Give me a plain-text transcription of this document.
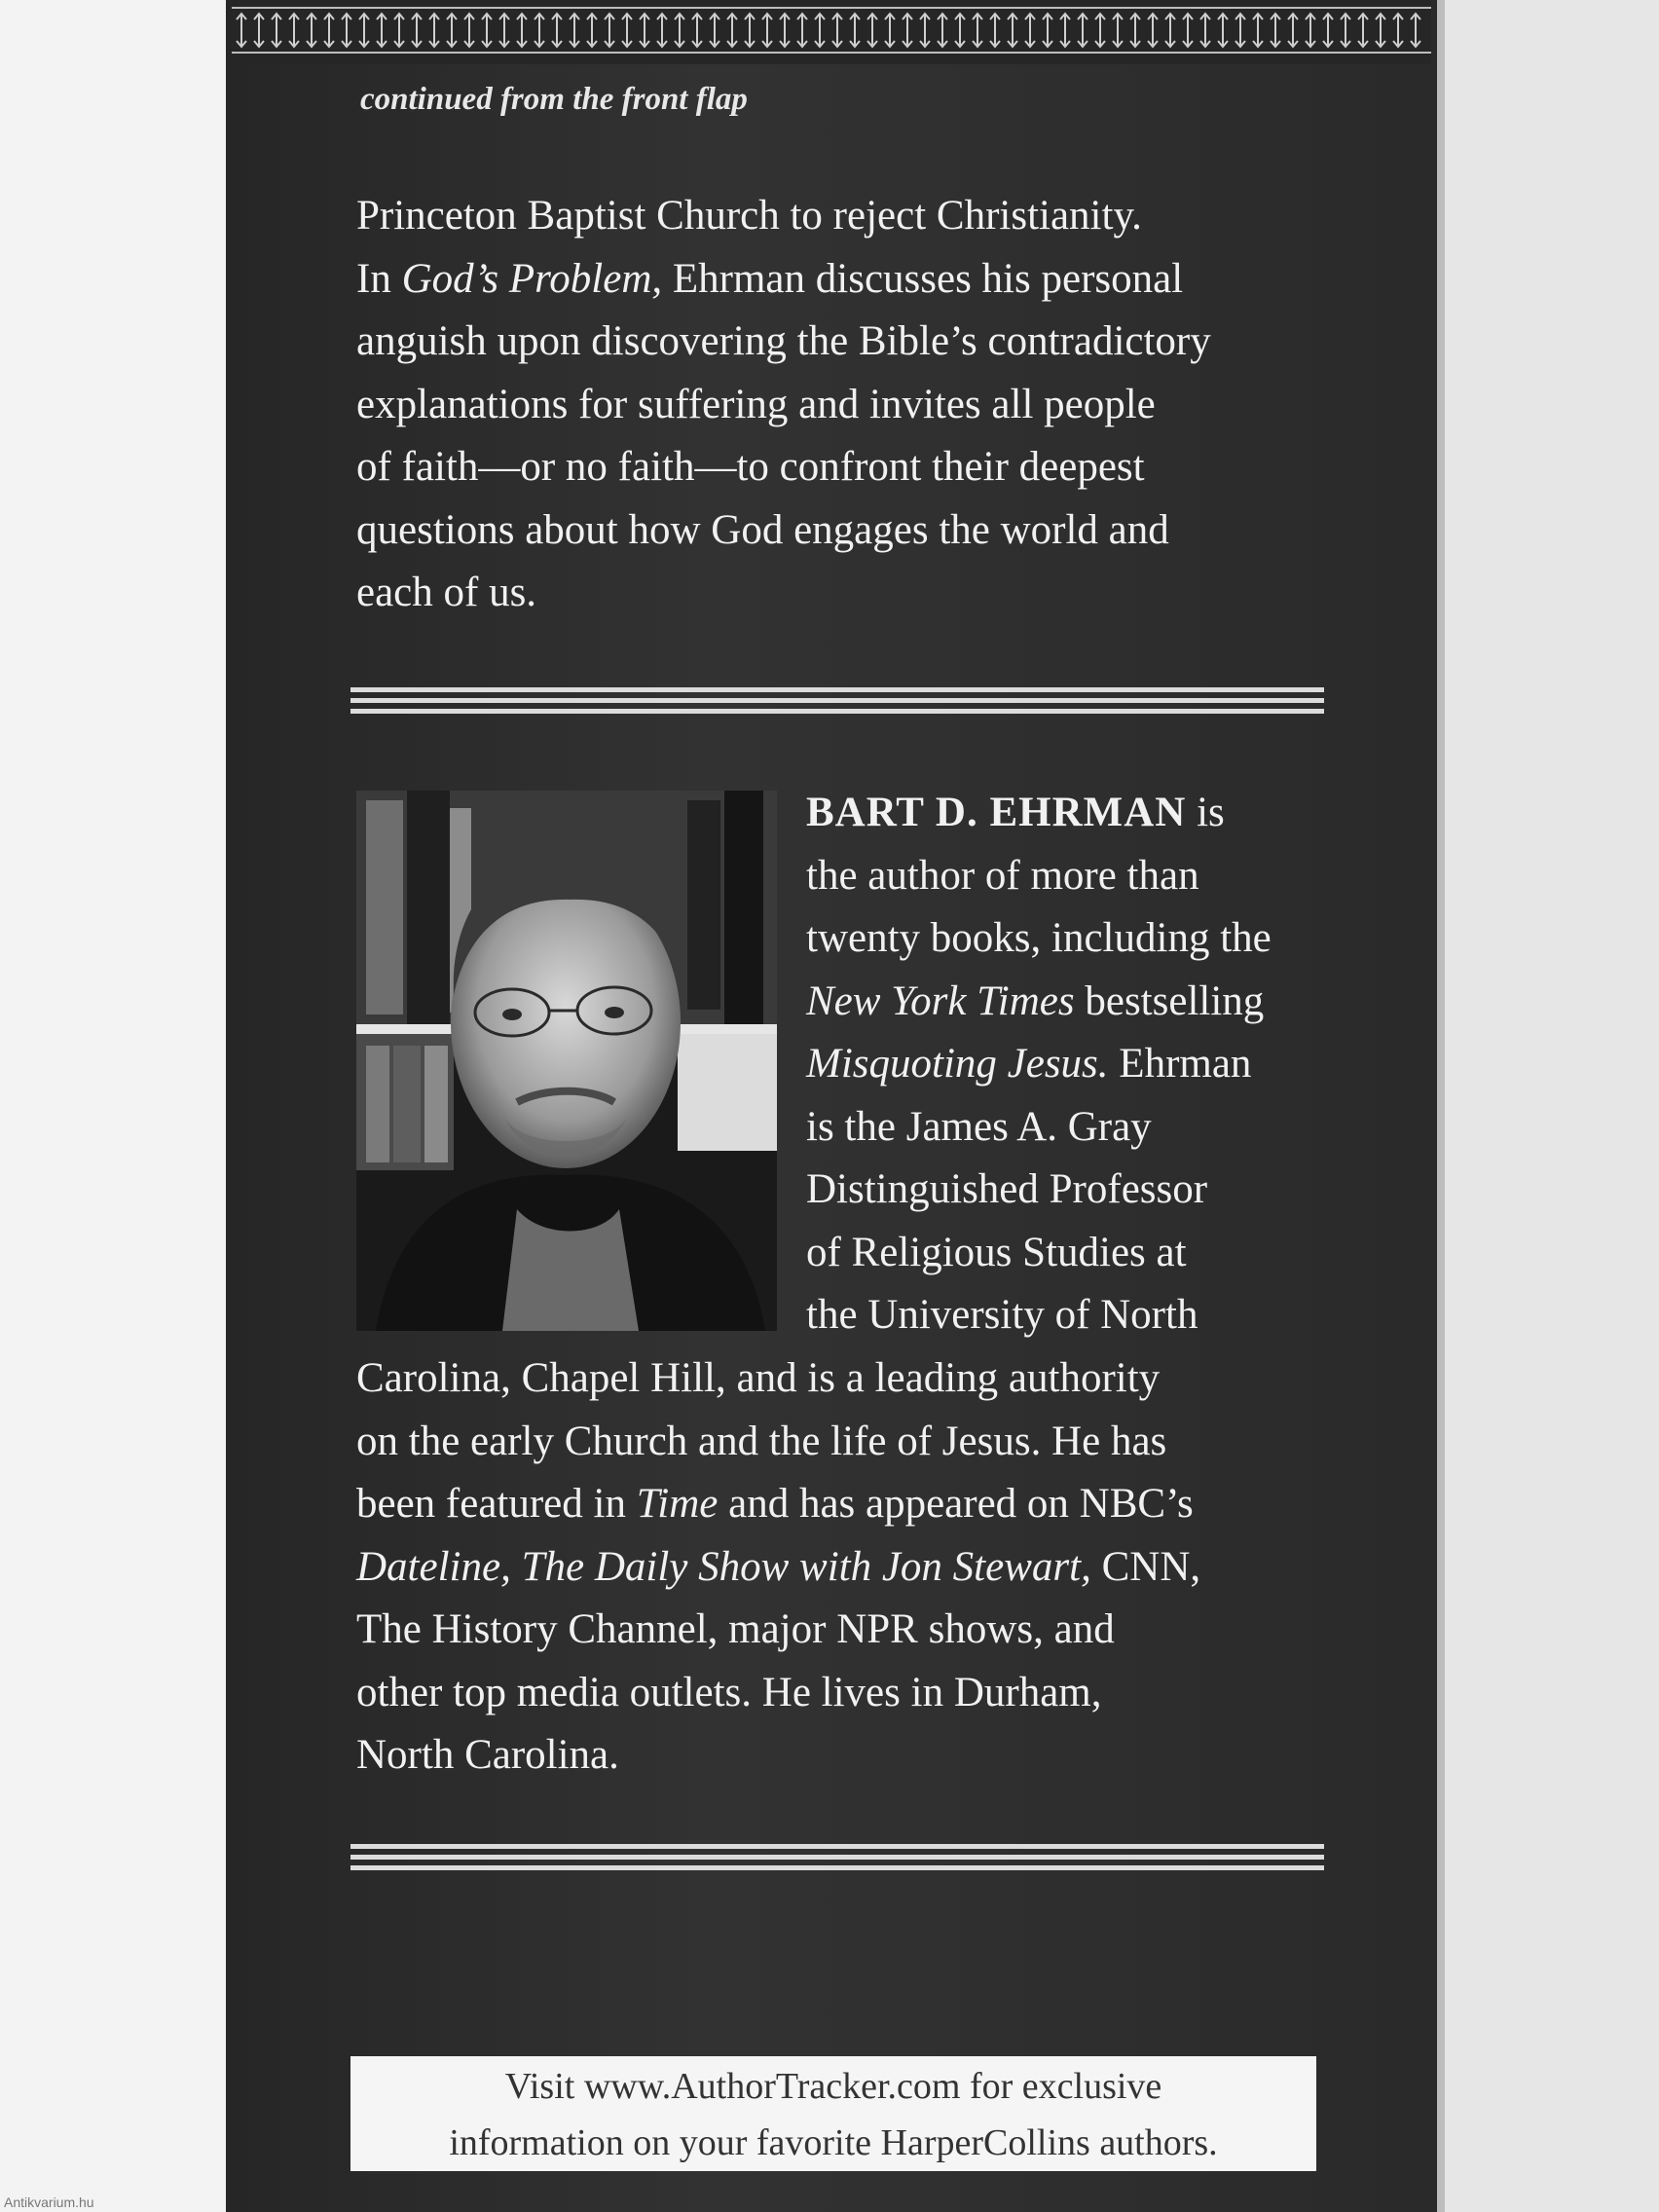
continued from the front flap
Princeton Baptist Church to reject Christianity.
In God’s Problem, Ehrman discusses his personal
anguish upon discovering the Bible’s contradictory
explanations for suffering and invites all people
of faith—or no faith—to confront their deepest
questions about how God engages the world and
each of us.
BART D. EHRMAN is
the author of more than
twenty books, including the
New York Times bestselling
Misquoting Jesus. Ehrman
is the James A. Gray
Distinguished Professor
of Religious Studies at
the University of North
Carolina, Chapel Hill, and is a leading authority
on the early Church and the life of Jesus. He has
been featured in Time and has appeared on NBC’s
Dateline, The Daily Show with Jon Stewart, CNN,
The History Channel, major NPR shows, and
other top media outlets. He lives in Durham,
North Carolina.
Visit www.AuthorTracker.com for exclusive
information on your favorite HarperCollins authors.
Antikvarium.hu
